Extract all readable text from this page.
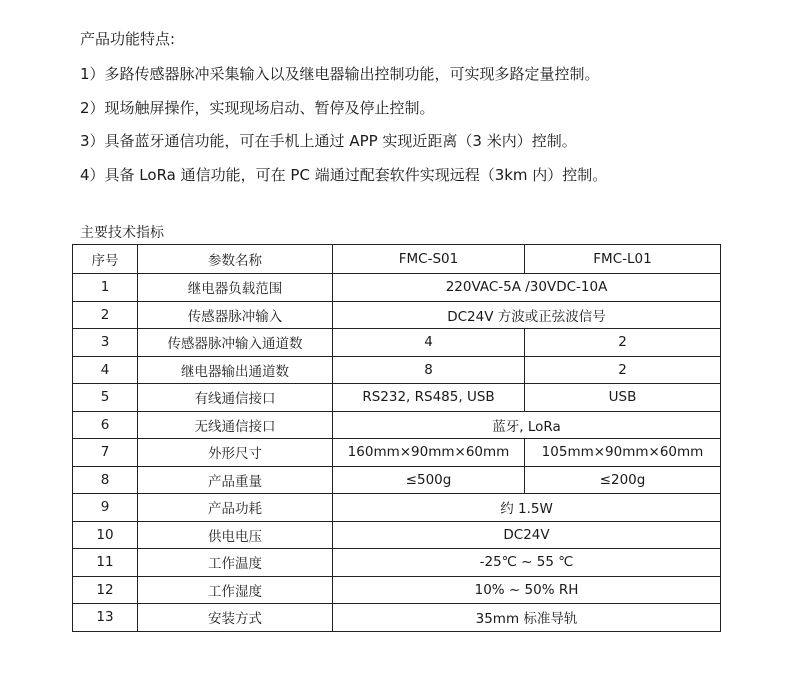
产品功能特点:
1）多路传感器脉冲采集输入以及继电器输出控制功能，可实现多路定量控制。
2）现场触屏操作，实现现场启动、暂停及停止控制。
3）具备蓝牙通信功能，可在手机上通过 APP 实现近距离（3 米内）控制。
4）具备 LoRa 通信功能，可在 PC 端通过配套软件实现远程（3km 内）控制。
主要技术指标
序号	参数名称	FMC-S01	FMC-L01
1	继电器负载范围	220VAC-5A /30VDC-10A	
2	传感器脉冲输入	DC24V 方波或正弦波信号	
3	传感器脉冲输入通道数	4	2
4	继电器输出通道数	8	2
5	有线通信接口	RS232, RS485, USB	USB
6	无线通信接口	蓝牙, LoRa	
7	外形尺寸	160mm×90mm×60mm	105mm×90mm×60mm
8	产品重量	≤500g	≤200g
9	产品功耗	约 1.5W	
10	供电电压	DC24V	
11	工作温度	-25℃ ~ 55 ℃	
12	工作湿度	10% ~ 50% RH	
13	安装方式	35mm 标准导轨	
